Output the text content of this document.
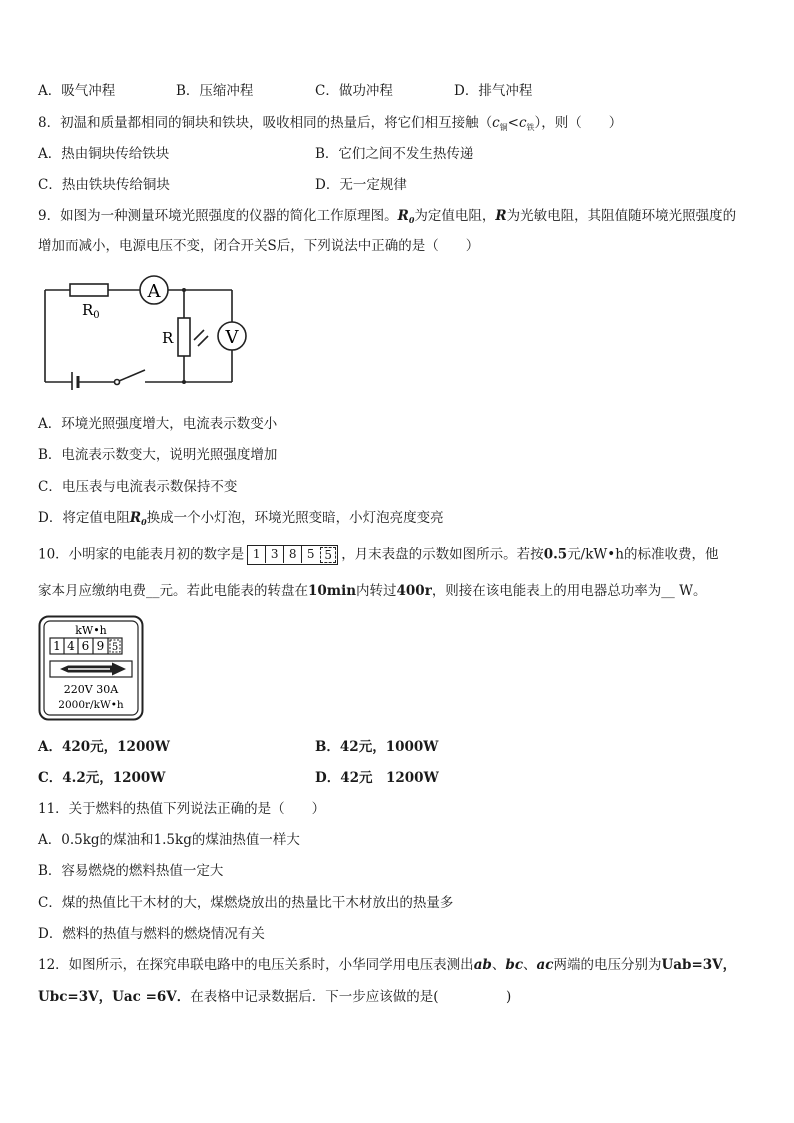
A．吸气冲程	B．压缩冲程	C．做功冲程	D．排气冲程
8．初温和质量都相同的铜块和铁块，吸收相同的热量后，将它们相互接触$(c_铜<c_铁)$，则（　　）
A．热由铜块传给铁块	B．它们之间不发生热传递
C．热由铁块传给铜块	D．无一定规律
9．如图为一种测量环境光照强度的仪器的简化工作原理图。$R_0$为定值电阻，R为光敏电阻，其阻值随环境光照强度的
增加而减小，电源电压不变，闭合开关S后，下列说法中正确的是（　　）
A
V
$R_0$
R
A．环境光照强度增大，电流表示数变小
B．电流表示数变大，说明光照强度增加
C．电压表与电流表示数保持不变
D．将定值电阻$R_0$换成一个小灯泡，环境光照变暗，小灯泡亮度变亮
10．小明家的电能表月初的数字是 1 3 8 5 5 ，月末表盘的示数如图所示。若按0.5元/kW•h的标准收费，他
家本月应缴纳电费__元。若此电能表的转盘在10min内转过400r，则接在该电能表上的用电器总功率为__ W。
kW•h
1 4 6 9 5
220V 30A
2000r/kW•h
A．420元，1200W	B．42元，1000W
C．4.2元，1200W	D．42元　1200W
11．关于燃料的热值下列说法正确的是（　　）
A．0.5kg的煤油和1.5kg的煤油热值一样大
B．容易燃烧的燃料热值一定大
C．煤的热值比干木材的大，煤燃烧放出的热量比干木材放出的热量多
D．燃料的热值与燃料的燃烧情况有关
12．如图所示，在探究串联电路中的电压关系时，小华同学用电压表测出ab、bc、ac两端的电压分别为Uab=3V，
Ubc=3V，Uac =6V．在表格中记录数据后．下一步应该做的是(　　　　　)
